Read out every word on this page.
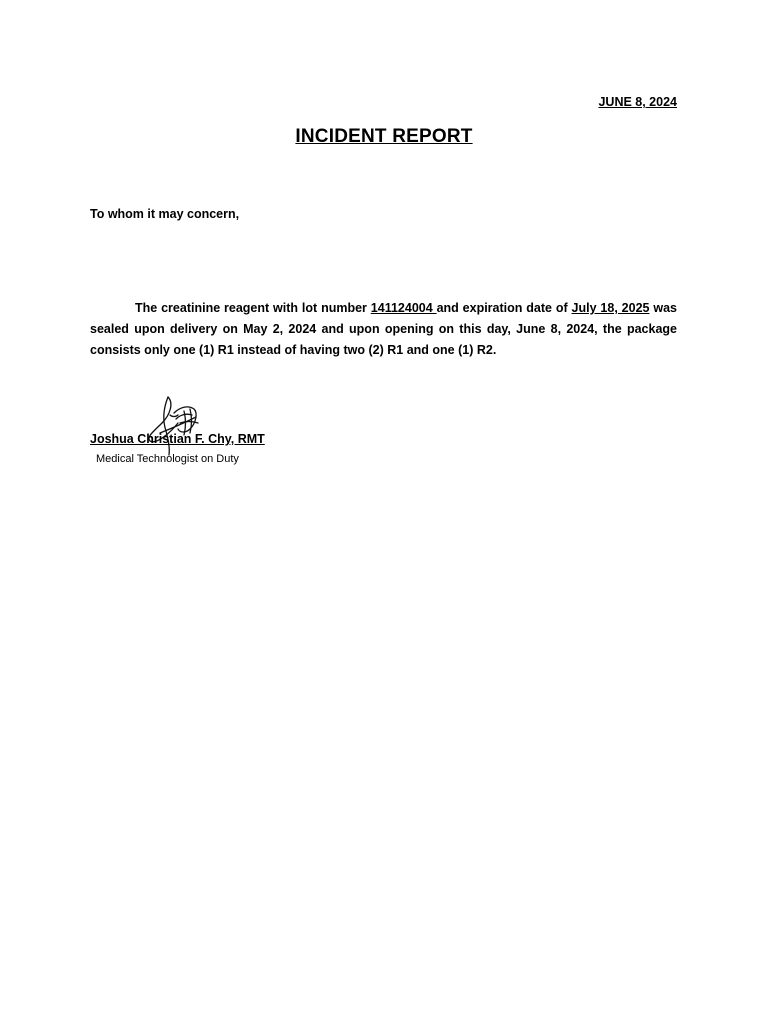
JUNE 8, 2024
INCIDENT REPORT
To whom it may concern,

The creatinine reagent with lot number 141124004 and expiration date of July 18, 2025 was sealed upon delivery on May 2, 2024 and upon opening on this day, June 8, 2024, the package consists only one (1) R1 instead of having two (2) R1 and one (1) R2.

Joshua Christian F. Chy, RMT
Medical Technologist on Duty
